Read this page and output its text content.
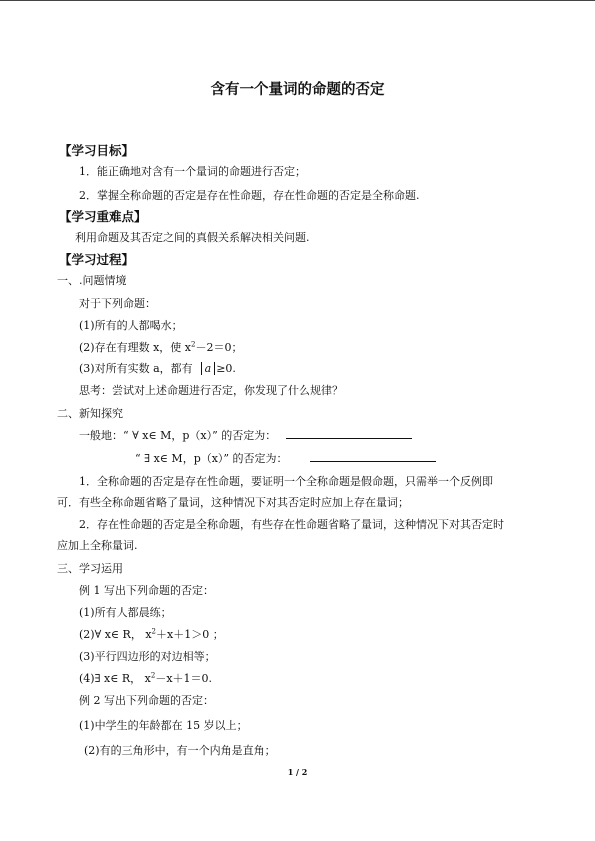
含有一个量词的命题的否定
【学习目标】
1．能正确地对含有一个量词的命题进行否定；
2．掌握全称命题的否定是存在性命题，存在性命题的否定是全称命题.
【学习重难点】
利用命题及其否定之间的真假关系解决相关问题.
【学习过程】
一、.问题情境
对于下列命题：
(1)所有的人都喝水；
(2)存在有理数 x，使 $x^2-2=0$；
(3)对所有实数 a，都有 a ≥0.
思考：尝试对上述命题进行否定，你发现了什么规律？
二、新知探究
一般地：“ ∀ x∈ M，p（x）” 的否定为：
“ ∃ x∈ M，p（x）” 的否定为：
1．全称命题的否定是存在性命题，要证明一个全称命题是假命题，只需举一个反例即
可．有些全称命题省略了量词，这种情况下对其否定时应加上存在量词；
2．存在性命题的否定是全称命题，有些存在性命题省略了量词，这种情况下对其否定时
应加上全称量词.
三、学习运用
例 1 写出下列命题的否定：
(1)所有人都晨练；
(2)∀ x∈ R， $x^2+x+1>0$ ；
(3)平行四边形的对边相等；
(4)∃ x∈ R， $x^2-x+1=0$.
例 2 写出下列命题的否定：
(1)中学生的年龄都在 15 岁以上；
(2)有的三角形中，有一个内角是直角；
1 / 2
